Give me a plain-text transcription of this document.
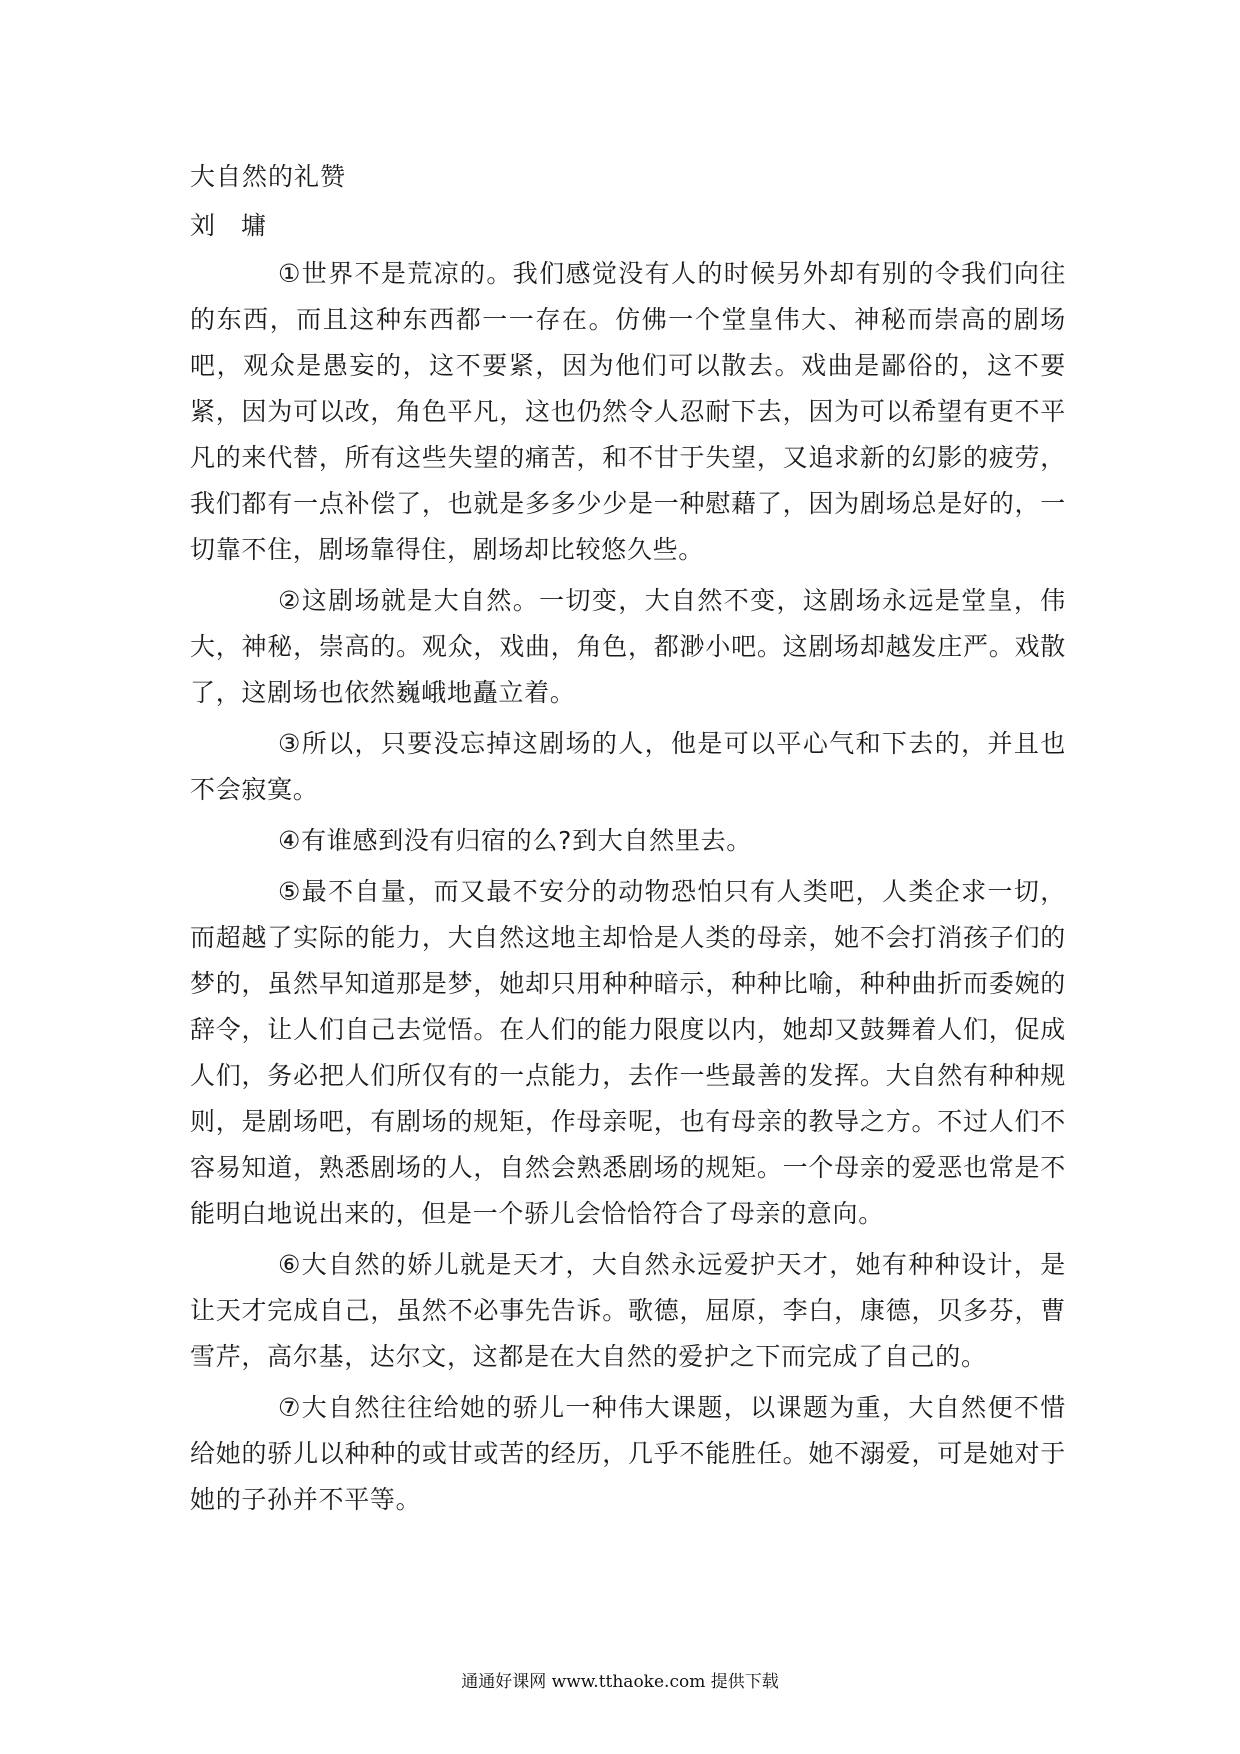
大自然的礼赞

刘 墉

①世界不是荒凉的。我们感觉没有人的时候另外却有别的令我们向往的东西，而且这种东西都一一存在。仿佛一个堂皇伟大、神秘而崇高的剧场吧，观众是愚妄的，这不要紧，因为他们可以散去。戏曲是鄙俗的，这不要紧，因为可以改，角色平凡，这也仍然令人忍耐下去，因为可以希望有更不平凡的来代替，所有这些失望的痛苦，和不甘于失望，又追求新的幻影的疲劳，我们都有一点补偿了，也就是多多少少是一种慰藉了，因为剧场总是好的，一切靠不住，剧场靠得住，剧场却比较悠久些。

②这剧场就是大自然。一切变，大自然不变，这剧场永远是堂皇，伟大，神秘，崇高的。观众，戏曲，角色，都渺小吧。这剧场却越发庄严。戏散了，这剧场也依然巍峨地矗立着。

③所以，只要没忘掉这剧场的人，他是可以平心气和下去的，并且也不会寂寞。

④有谁感到没有归宿的么?到大自然里去。

⑤最不自量，而又最不安分的动物恐怕只有人类吧，人类企求一切，而超越了实际的能力，大自然这地主却恰是人类的母亲，她不会打消孩子们的梦的，虽然早知道那是梦，她却只用种种暗示，种种比喻，种种曲折而委婉的辞令，让人们自己去觉悟。在人们的能力限度以内，她却又鼓舞着人们，促成人们，务必把人们所仅有的一点能力，去作一些最善的发挥。大自然有种种规则，是剧场吧，有剧场的规矩，作母亲呢，也有母亲的教导之方。不过人们不容易知道，熟悉剧场的人，自然会熟悉剧场的规矩。一个母亲的爱恶也常是不能明白地说出来的，但是一个骄儿会恰恰符合了母亲的意向。

⑥大自然的娇儿就是天才，大自然永远爱护天才，她有种种设计，是让天才完成自己，虽然不必事先告诉。歌德，屈原，李白，康德，贝多芬，曹雪芹，高尔基，达尔文，这都是在大自然的爱护之下而完成了自己的。

⑦大自然往往给她的骄儿一种伟大课题，以课题为重，大自然便不惜给她的骄儿以种种的或甘或苦的经历，几乎不能胜任。她不溺爱，可是她对于她的子孙并不平等。

通通好课网 www.tthaoke.com 提供下载
